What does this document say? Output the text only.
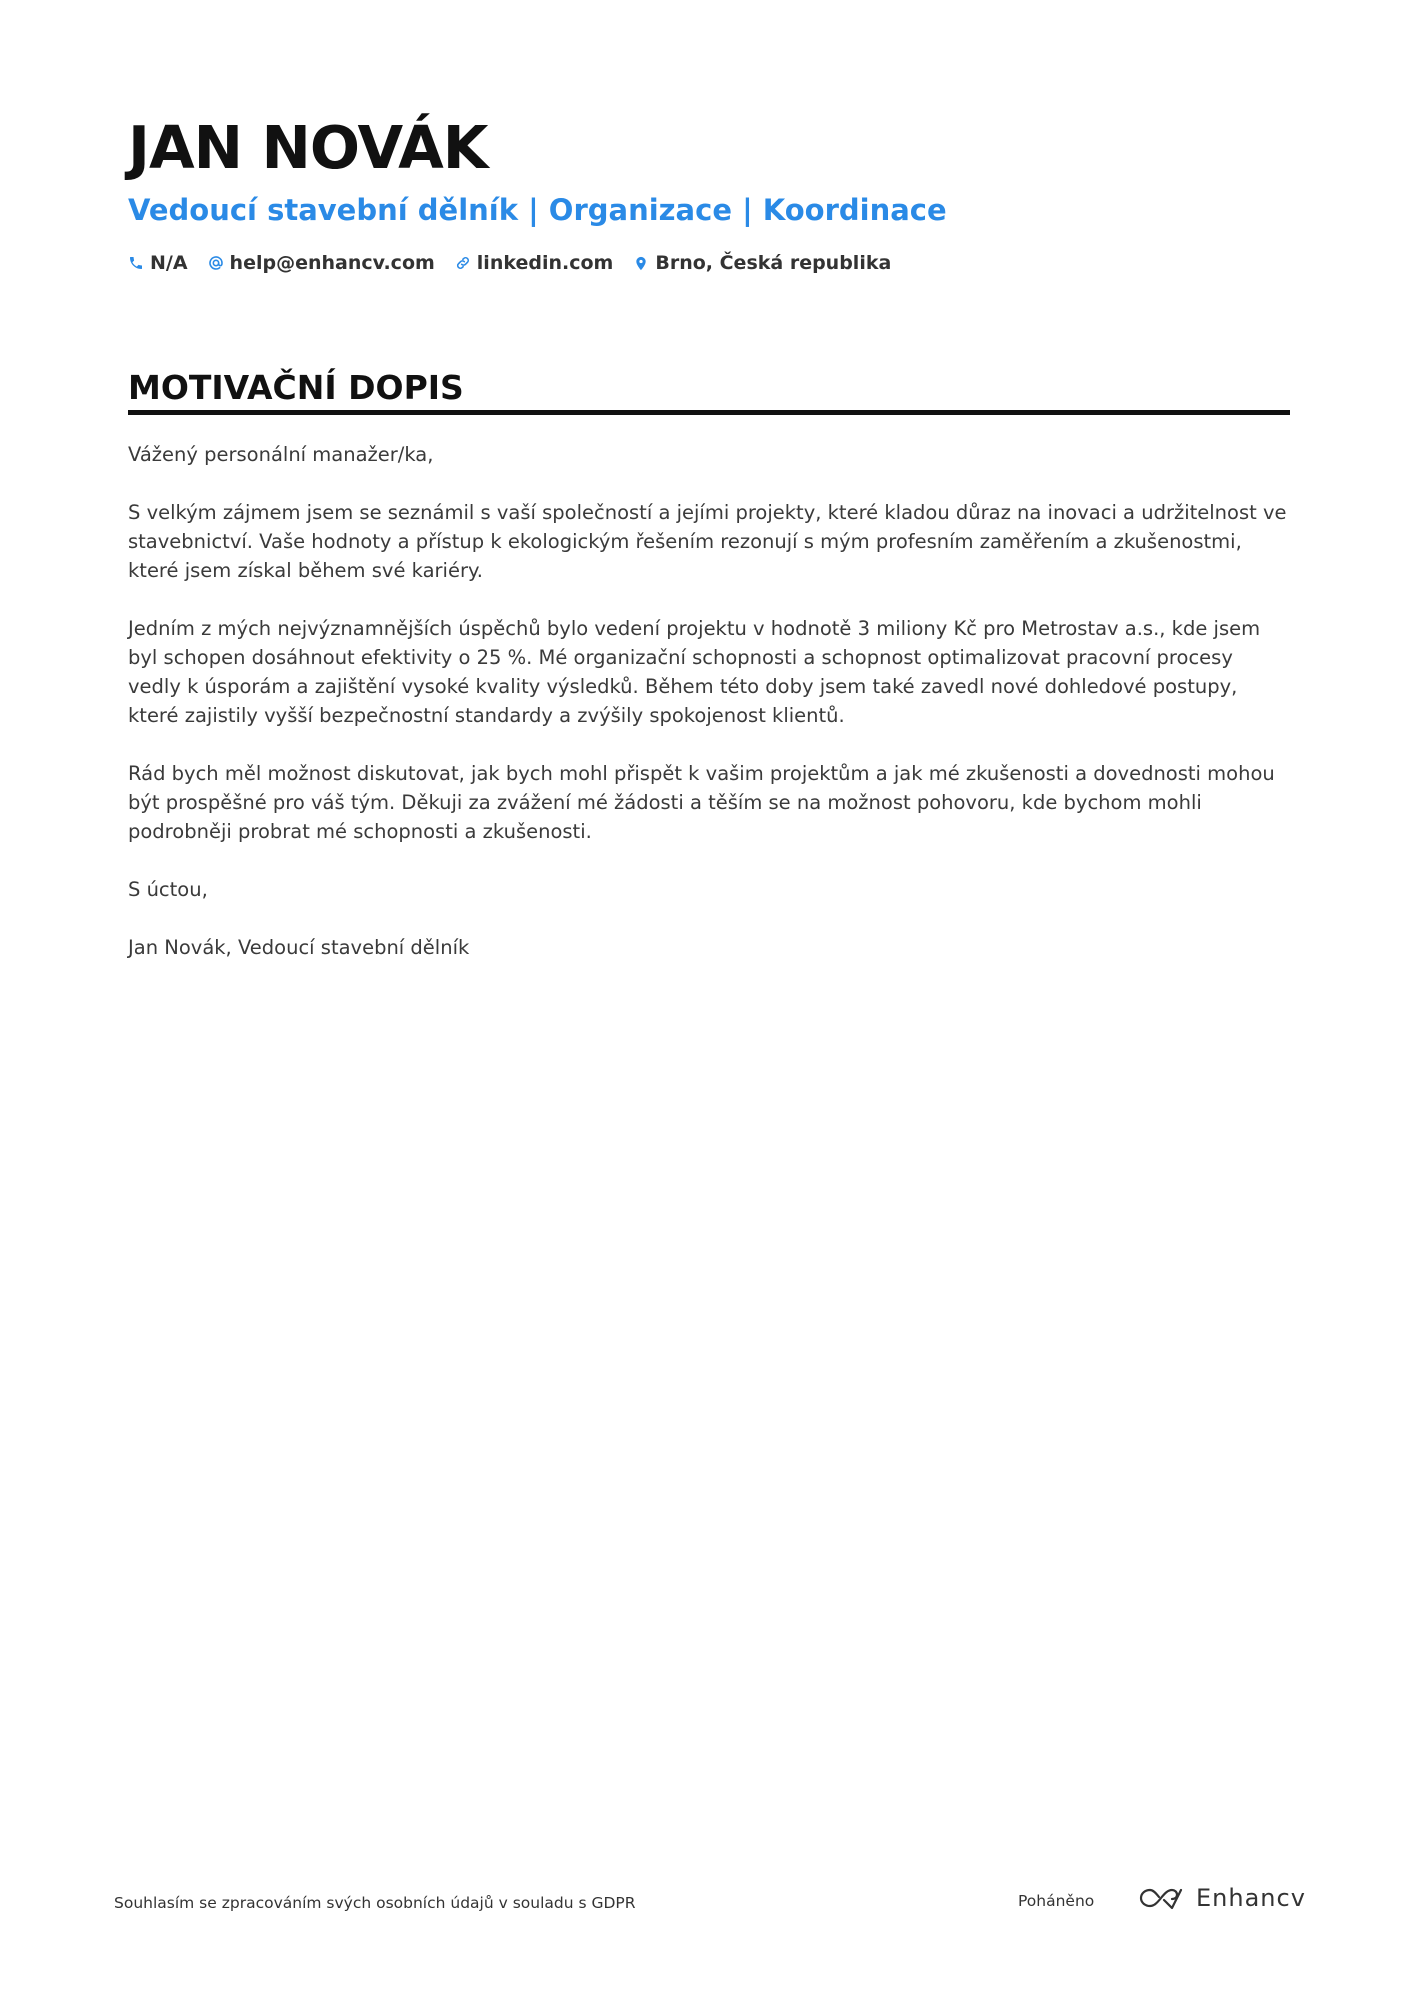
JAN NOVÁK
Vedoucí stavební dělník | Organizace | Koordinace
N/A help@enhancv.com linkedin.com Brno, Česká republika
MOTIVAČNÍ DOPIS

Vážený personální manažer/ka,

S velkým zájmem jsem se seznámil s vaší společností a jejími projekty, které kladou důraz na inovaci a udržitelnost ve stavebnictví. Vaše hodnoty a přístup k ekologickým řešením rezonují s mým profesním zaměřením a zkušenostmi, které jsem získal během své kariéry.

Jedním z mých nejvýznamnějších úspěchů bylo vedení projektu v hodnotě 3 miliony Kč pro Metrostav a.s., kde jsem byl schopen dosáhnout efektivity o 25 %. Mé organizační schopnosti a schopnost optimalizovat pracovní procesy vedly k úsporám a zajištění vysoké kvality výsledků. Během této doby jsem také zavedl nové dohledové postupy, které zajistily vyšší bezpečnostní standardy a zvýšily spokojenost klientů.

Rád bych měl možnost diskutovat, jak bych mohl přispět k vašim projektům a jak mé zkušenosti a dovednosti mohou být prospěšné pro váš tým. Děkuji za zvážení mé žádosti a těším se na možnost pohovoru, kde bychom mohli podrobněji probrat mé schopnosti a zkušenosti.

S úctou,

Jan Novák, Vedoucí stavební dělník

Souhlasím se zpracováním svých osobních údajů v souladu s GDPR	Poháněno	Enhancv
